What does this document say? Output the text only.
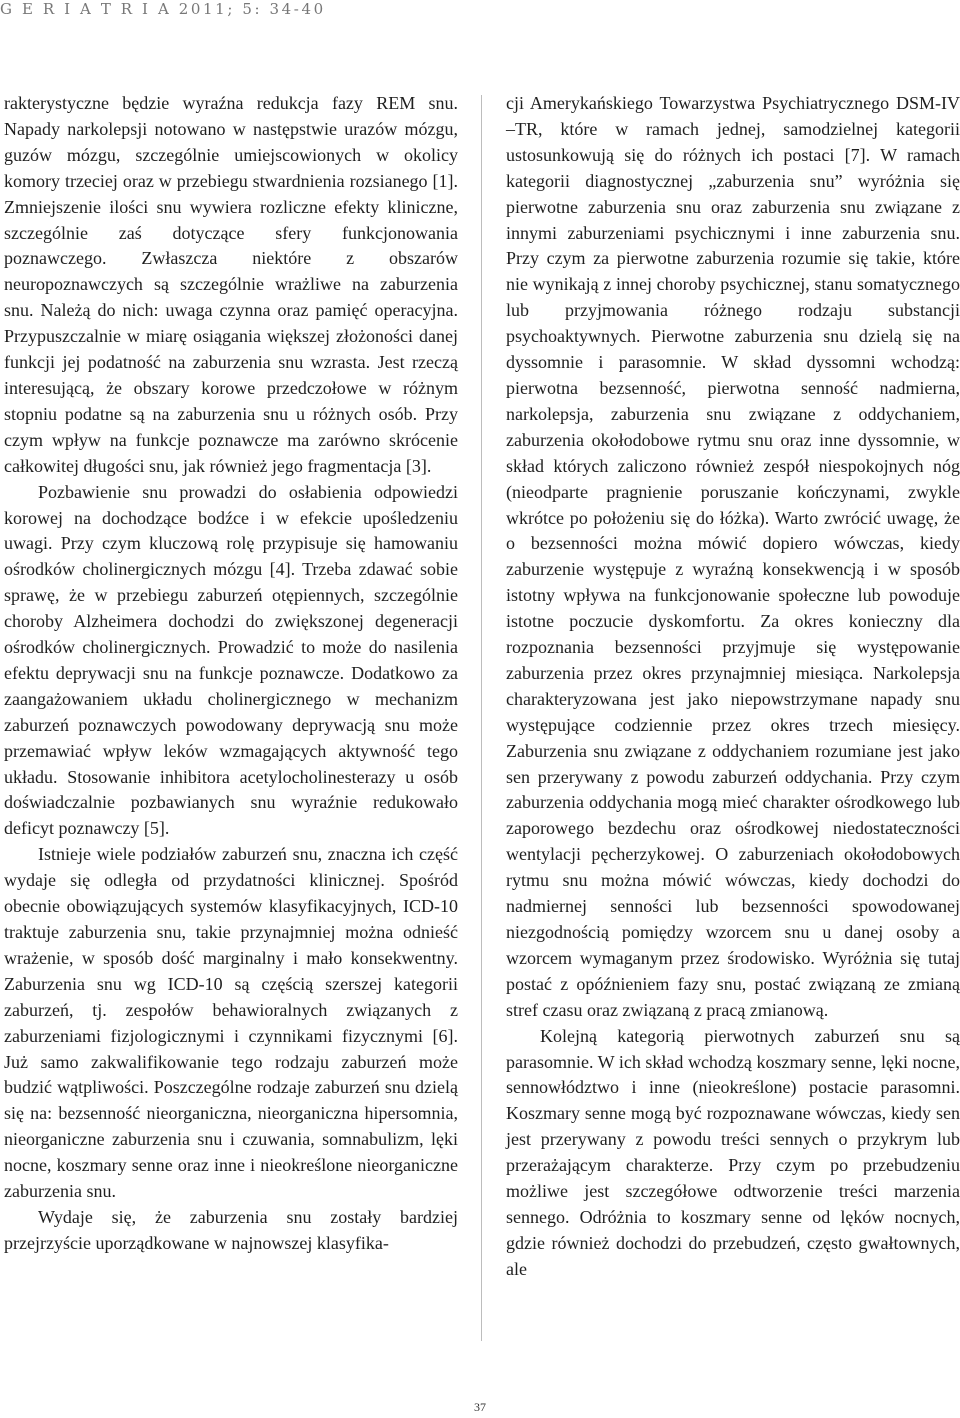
G E R I A T R I A 2011; 5: 34-40

rakterystyczne będzie wyraźna redukcja fazy REM snu. Napady narkolepsji notowano w następstwie urazów mózgu, guzów mózgu, szczególnie umiejscowionych w okolicy komory trzeciej oraz w przebiegu stwardnienia rozsianego [1]. Zmniejszenie ilości snu wywiera rozliczne efekty kliniczne, szczególnie zaś dotyczące sfery funkcjonowania poznawczego. Zwłaszcza niektóre z obszarów neuropoznawczych są szczególnie wrażliwe na zaburzenia snu. Należą do nich: uwaga czynna oraz pamięć operacyjna. Przypuszczalnie w miarę osiągania większej złożoności danej funkcji jej podatność na zaburzenia snu wzrasta. Jest rzeczą interesującą, że obszary korowe przedczołowe w różnym stopniu podatne są na zaburzenia snu u różnych osób. Przy czym wpływ na funkcje poznawcze ma zarówno skrócenie całkowitej długości snu, jak również jego fragmentacja [3].

Pozbawienie snu prowadzi do osłabienia odpowiedzi korowej na dochodzące bodźce i w efekcie upośledzeniu uwagi. Przy czym kluczową rolę przypisuje się hamowaniu ośrodków cholinergicznych mózgu [4]. Trzeba zdawać sobie sprawę, że w przebiegu zaburzeń otępiennych, szczególnie choroby Alzheimera dochodzi do zwiększonej degeneracji ośrodków cholinergicznych. Prowadzić to może do nasilenia efektu deprywacji snu na funkcje poznawcze. Dodatkowo za zaangażowaniem układu cholinergicznego w mechanizm zaburzeń poznawczych powodowany deprywacją snu może przemawiać wpływ leków wzmagających aktywność tego układu. Stosowanie inhibitora acetylocholinesterazy u osób doświadczalnie pozbawianych snu wyraźnie redukowało deficyt poznawczy [5].

Istnieje wiele podziałów zaburzeń snu, znaczna ich część wydaje się odległa od przydatności klinicznej. Spośród obecnie obowiązujących systemów klasyfikacyjnych, ICD-10 traktuje zaburzenia snu, takie przynajmniej można odnieść wrażenie, w sposób dość marginalny i mało konsekwentny. Zaburzenia snu wg ICD-10 są częścią szerszej kategorii zaburzeń, tj. zespołów behawioralnych związanych z zaburzeniami fizjologicznymi i czynnikami fizycznymi [6]. Już samo zakwalifikowanie tego rodzaju zaburzeń może budzić wątpliwości. Poszczególne rodzaje zaburzeń snu dzielą się na: bezsenność nieorganiczna, nieorganiczna hipersomnia, nieorganiczne zaburzenia snu i czuwania, somnabulizm, lęki nocne, koszmary senne oraz inne i nieokreślone nieorganiczne zaburzenia snu.

Wydaje się, że zaburzenia snu zostały bardziej przejrzyście uporządkowane w najnowszej klasyfika-

cji Amerykańskiego Towarzystwa Psychiatrycznego DSM-IV –TR, które w ramach jednej, samodzielnej kategorii ustosunkowują się do różnych ich postaci [7]. W ramach kategorii diagnostycznej „zaburzenia snu” wyróżnia się pierwotne zaburzenia snu oraz zaburzenia snu związane z innymi zaburzeniami psychicznymi i inne zaburzenia snu. Przy czym za pierwotne zaburzenia rozumie się takie, które nie wynikają z innej choroby psychicznej, stanu somatycznego lub przyjmowania różnego rodzaju substancji psychoaktywnych. Pierwotne zaburzenia snu dzielą się na dyssomnie i parasomnie. W skład dyssomni wchodzą: pierwotna bezsenność, pierwotna senność nadmierna, narkolepsja, zaburzenia snu związane z oddychaniem, zaburzenia okołodobowe rytmu snu oraz inne dyssomnie, w skład których zaliczono również zespół niespokojnych nóg (nieodparte pragnienie poruszanie kończynami, zwykle wkrótce po położeniu się do łóżka). Warto zwrócić uwagę, że o bezsenności można mówić dopiero wówczas, kiedy zaburzenie występuje z wyraźną konsekwencją i w sposób istotny wpływa na funkcjonowanie społeczne lub powoduje istotne poczucie dyskomfortu. Za okres konieczny dla rozpoznania bezsenności przyjmuje się występowanie zaburzenia przez okres przynajmniej miesiąca. Narkolepsja charakteryzowana jest jako niepowstrzymane napady snu występujące codziennie przez okres trzech miesięcy. Zaburzenia snu związane z oddychaniem rozumiane jest jako sen przerywany z powodu zaburzeń oddychania. Przy czym zaburzenia oddychania mogą mieć charakter ośrodkowego lub zaporowego bezdechu oraz ośrodkowej niedostateczności wentylacji pęcherzykowej. O zaburzeniach okołodobowych rytmu snu można mówić wówczas, kiedy dochodzi do nadmiernej senności lub bezsenności spowodowanej niezgodnością pomiędzy wzorcem snu u danej osoby a wzorcem wymaganym przez środowisko. Wyróżnia się tutaj postać z opóźnieniem fazy snu, postać związaną ze zmianą stref czasu oraz związaną z pracą zmianową.

Kolejną kategorią pierwotnych zaburzeń snu są parasomnie. W ich skład wchodzą koszmary senne, lęki nocne, sennowłództwo i inne (nieokreślone) postacie parasomni. Koszmary senne mogą być rozpoznawane wówczas, kiedy sen jest przerywany z powodu treści sennych o przykrym lub przerażającym charakterze. Przy czym po przebudzeniu możliwe jest szczegółowe odtworzenie treści marzenia sennego. Odróżnia to koszmary senne od lęków nocnych, gdzie również dochodzi do przebudzeń, często gwałtownych, ale

37
